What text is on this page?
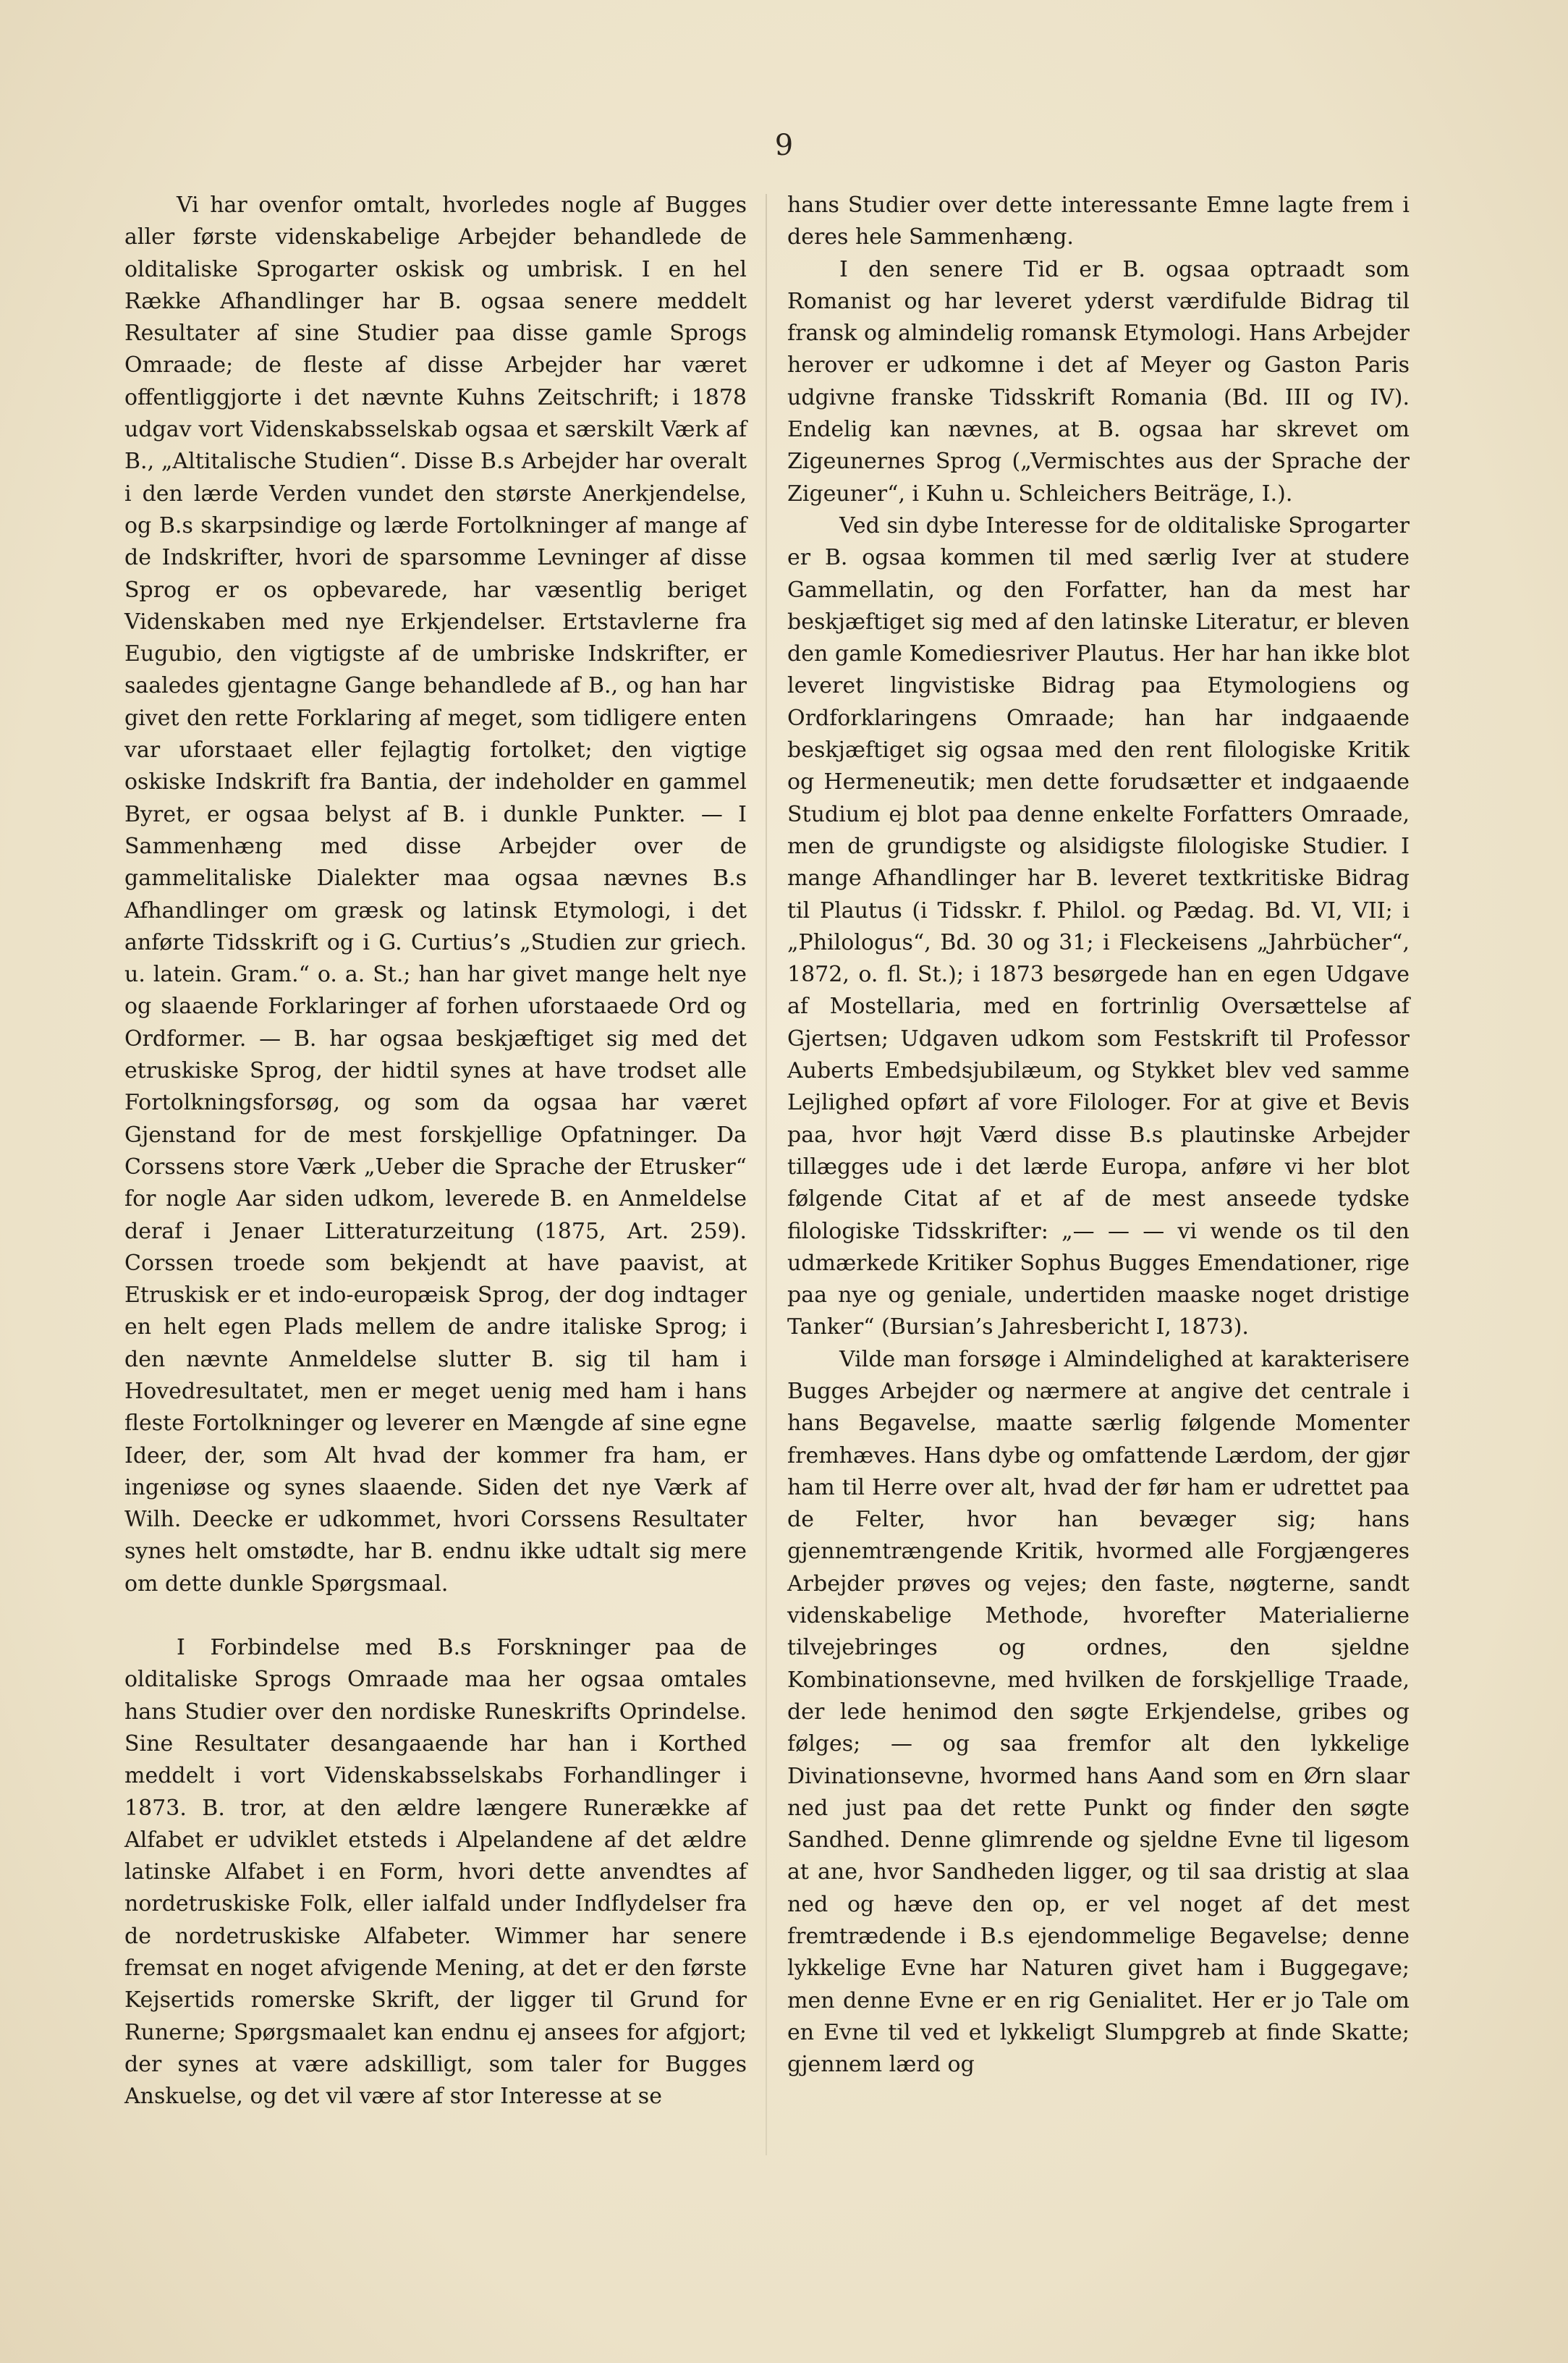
9

Vi har ovenfor omtalt, hvorledes nogle af Bugges aller første videnskabelige Arbejder behandlede de olditaliske Sprogarter oskisk og umbrisk. I en hel Række Afhandlinger har B. ogsaa senere meddelt Resultater af sine Studier paa disse gamle Sprogs Omraade; de fleste af disse Arbejder har været offentliggjorte i det nævnte Kuhns Zeitschrift; i 1878 udgav vort Videnskabsselskab ogsaa et særskilt Værk af B., „Altitalische Studien“. Disse B.s Arbejder har overalt i den lærde Verden vundet den største Anerkjendelse, og B.s skarpsindige og lærde Fortolkninger af mange af de Indskrifter, hvori de sparsomme Levninger af disse Sprog er os opbevarede, har væsentlig beriget Videnskaben med nye Erkjendelser. Ertstavlerne fra Eugubio, den vigtigste af de umbriske Indskrifter, er saaledes gjentagne Gange behandlede af B., og han har givet den rette Forklaring af meget, som tidligere enten var uforstaaet eller fejlagtig fortolket; den vigtige oskiske Indskrift fra Bantia, der indeholder en gammel Byret, er ogsaa belyst af B. i dunkle Punkter. — I Sammenhæng med disse Arbejder over de gammelitaliske Dialekter maa ogsaa nævnes B.s Afhandlinger om græsk og latinsk Etymologi, i det anførte Tidsskrift og i G. Curtius’s „Studien zur griech. u. latein. Gram.“ o. a. St.; han har givet mange helt nye og slaaende Forklaringer af forhen uforstaaede Ord og Ordformer. — B. har ogsaa beskjæftiget sig med det etruskiske Sprog, der hidtil synes at have trodset alle Fortolkningsforsøg, og som da ogsaa har været Gjenstand for de mest forskjellige Opfatninger. Da Corssens store Værk „Ueber die Sprache der Etrusker“ for nogle Aar siden udkom, leverede B. en Anmeldelse deraf i Jenaer Litteraturzeitung (1875, Art. 259). Corssen troede som bekjendt at have paavist, at Etruskisk er et indo-europæisk Sprog, der dog indtager en helt egen Plads mellem de andre italiske Sprog; i den nævnte Anmeldelse slutter B. sig til ham i Hovedresultatet, men er meget uenig med ham i hans fleste Fortolkninger og leverer en Mængde af sine egne Ideer, der, som Alt hvad der kommer fra ham, er ingeniøse og synes slaaende. Siden det nye Værk af Wilh. Deecke er udkommet, hvori Corssens Resultater synes helt omstødte, har B. endnu ikke udtalt sig mere om dette dunkle Spørgsmaal.

I Forbindelse med B.s Forskninger paa de olditaliske Sprogs Omraade maa her ogsaa omtales hans Studier over den nordiske Runeskrifts Oprindelse. Sine Resultater desangaaende har han i Korthed meddelt i vort Videnskabsselskabs Forhandlinger i 1873. B. tror, at den ældre længere Runerække af Alfabet er udviklet etsteds i Alpelandene af det ældre latinske Alfabet i en Form, hvori dette anvendtes af nordetruskiske Folk, eller ialfald under Indflydelser fra de nordetruskiske Alfabeter. Wimmer har senere fremsat en noget afvigende Mening, at det er den første Kejsertids romerske Skrift, der ligger til Grund for Runerne; Spørgsmaalet kan endnu ej ansees for afgjort; der synes at være adskilligt, som taler for Bugges Anskuelse, og det vil være af stor Interesse at se

hans Studier over dette interessante Emne lagte frem i deres hele Sammenhæng.

I den senere Tid er B. ogsaa optraadt som Romanist og har leveret yderst værdifulde Bidrag til fransk og almindelig romansk Etymologi. Hans Arbejder herover er udkomne i det af Meyer og Gaston Paris udgivne franske Tidsskrift Romania (Bd. III og IV). Endelig kan nævnes, at B. ogsaa har skrevet om Zigeunernes Sprog („Vermischtes aus der Sprache der Zigeuner“, i Kuhn u. Schleichers Beiträge, I.).

Ved sin dybe Interesse for de olditaliske Sprogarter er B. ogsaa kommen til med særlig Iver at studere Gammellatin, og den Forfatter, han da mest har beskjæftiget sig med af den latinske Literatur, er bleven den gamle Komediesriver Plautus. Her har han ikke blot leveret lingvistiske Bidrag paa Etymologiens og Ordforklaringens Omraade; han har indgaaende beskjæftiget sig ogsaa med den rent filologiske Kritik og Hermeneutik; men dette forudsætter et indgaaende Studium ej blot paa denne enkelte Forfatters Omraade, men de grundigste og alsidigste filologiske Studier. I mange Afhandlinger har B. leveret textkritiske Bidrag til Plautus (i Tidsskr. f. Philol. og Pædag. Bd. VI, VII; i „Philologus“, Bd. 30 og 31; i Fleckeisens „Jahrbücher“, 1872, o. fl. St.); i 1873 besørgede han en egen Udgave af Mostellaria, med en fortrinlig Oversættelse af Gjertsen; Udgaven udkom som Festskrift til Professor Auberts Embedsjubilæum, og Stykket blev ved samme Lejlighed opført af vore Filologer. For at give et Bevis paa, hvor højt Værd disse B.s plautinske Arbejder tillægges ude i det lærde Europa, anføre vi her blot følgende Citat af et af de mest anseede tydske filologiske Tidsskrifter: „— — — vi wende os til den udmærkede Kritiker Sophus Bugges Emendationer, rige paa nye og geniale, undertiden maaske noget dristige Tanker“ (Bursian’s Jahresbericht I, 1873).

Vilde man forsøge i Almindelighed at karakterisere Bugges Arbejder og nærmere at angive det centrale i hans Begavelse, maatte særlig følgende Momenter fremhæves. Hans dybe og omfattende Lærdom, der gjør ham til Herre over alt, hvad der før ham er udrettet paa de Felter, hvor han bevæger sig; hans gjennemtrængende Kritik, hvormed alle Forgjængeres Arbejder prøves og vejes; den faste, nøgterne, sandt videnskabelige Methode, hvorefter Materialierne tilvejebringes og ordnes, den sjeldne Kombinationsevne, med hvilken de forskjellige Traade, der lede henimod den søgte Erkjendelse, gribes og følges; — og saa fremfor alt den lykkelige Divinationsevne, hvormed hans Aand som en Ørn slaar ned just paa det rette Punkt og finder den søgte Sandhed. Denne glimrende og sjeldne Evne til ligesom at ane, hvor Sandheden ligger, og til saa dristig at slaa ned og hæve den op, er vel noget af det mest fremtrædende i B.s ejendommelige Begavelse; denne lykkelige Evne har Naturen givet ham i Buggegave; men denne Evne er en rig Genialitet. Her er jo Tale om en Evne til ved et lykkeligt Slumpgreb at finde Skatte; gjennem lærd og
